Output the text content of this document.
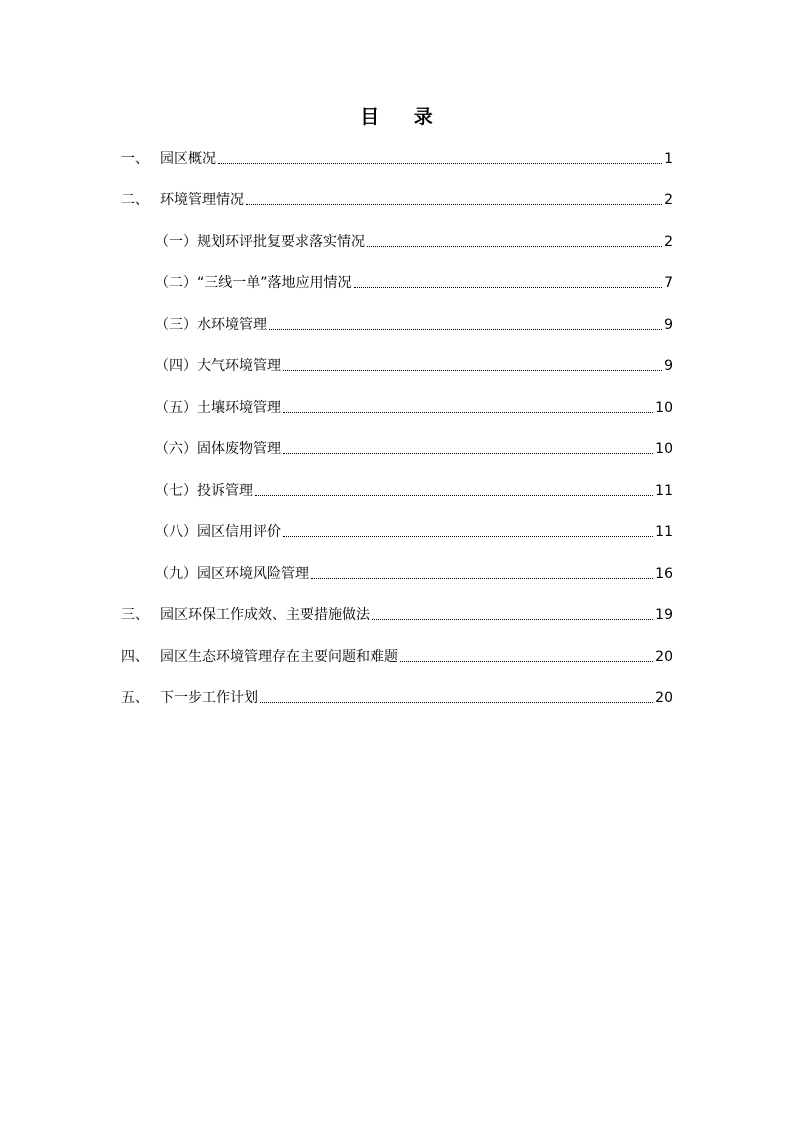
目 录
一、 园区概况	1
二、 环境管理情况	2
（一） 规划环评批复要求落实情况	2
（二） “三线一单”落地应用情况	7
（三） 水环境管理	9
（四） 大气环境管理	9
（五） 土壤环境管理	10
（六） 固体废物管理	10
（七） 投诉管理	11
（八） 园区信用评价	11
（九） 园区环境风险管理	16
三、 园区环保工作成效、主要措施做法	19
四、 园区生态环境管理存在主要问题和难题	20
五、 下一步工作计划	20
